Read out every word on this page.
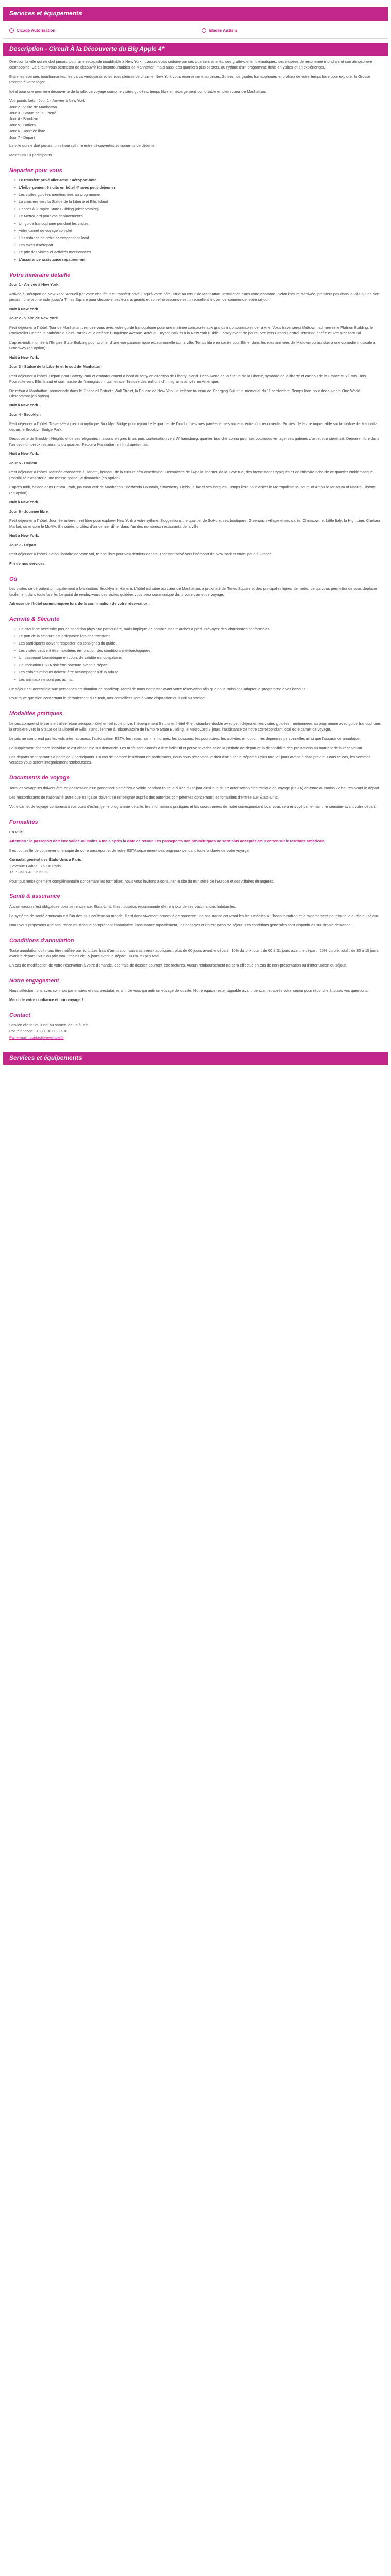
Services et équipements
Cicadé Autorisation	Idades Autism
Description - Circuit À la Découverte du Big Apple 4*

Direction la ville qui ne dort jamais, pour une escapade inoubliable à New York ! Laissez-vous séduire par ses quartiers animés, ses gratte-ciel emblématiques, ses musées de renommée mondiale et son atmosphère cosmopolite. Ce circuit vous permettra de découvrir les incontournables de Manhattan, mais aussi des quartiers plus secrets, au rythme d'un programme riche en visites et en expériences.

Entre les avenues bouillonnantes, les parcs verdoyants et les rues pleines de charme, New York vous réserve mille surprises. Suivez nos guides francophones et profitez de votre temps libre pour explorer la Grosse Pomme à votre façon.

Idéal pour une première découverte de la ville, ce voyage combine visites guidées, temps libre et hébergement confortable en plein cœur de Manhattan.

Vos points forts : Jour 1 - Arrivée à New York

Jour 2 - Visite de Manhattan

Jour 3 - Statue de la Liberté

Jour 4 - Brooklyn

Jour 5 - Harlem

Jour 6 - Journée libre

Jour 7 - Départ

La ville qui ne dort jamais, un séjour rythmé entre découvertes et moments de détente.

Maximum : 8 participants

Népartez pour vous
• Le transfert privé aller-retour aéroport-hôtel
• L'hébergement 6 nuits en hôtel 4* avec petit-déjeuner
• Les visites guidées mentionnées au programme
• La croisière vers la Statue de la Liberté et Ellis Island
• L'accès à l'Empire State Building (observatoire)
• Le MetroCard pour vos déplacements
• Un guide francophone pendant les visites
• Votre carnet de voyage complet
• L'assistance de notre correspondant local
• Les taxes d'aéroport
• Le prix des visites et activités mentionnées
• L'assurance assistance rapatriement
Votre itinéraire détaillé

Jour 1 - Arrivée à New York

Arrivée à l'aéroport de New York. Accueil par votre chauffeur et transfert privé jusqu'à votre hôtel situé au cœur de Manhattan. Installation dans votre chambre. Selon l'heure d'arrivée, premiers pas dans la ville qui ne dort jamais : une promenade jusqu'à Times Square pour découvrir ses écrans géants et son effervescence est un excellent moyen de commencer votre séjour.

Nuit à New York.

Jour 2 - Visite de New York

Petit déjeuner à l'hôtel. Tour de Manhattan : rendez-vous avec votre guide francophone pour une matinée consacrée aux grands incontournables de la ville. Vous traverserez Midtown, admirerez le Flatiron Building, le Rockefeller Center, la cathédrale Saint-Patrick et la célèbre Cinquième Avenue. Arrêt au Bryant Park et à la New York Public Library avant de poursuivre vers Grand Central Terminal, chef-d'œuvre architectural.

L'après-midi, montée à l'Empire State Building pour profiter d'une vue panoramique exceptionnelle sur la ville. Temps libre en soirée pour flâner dans les rues animées de Midtown ou assister à une comédie musicale à Broadway (en option).

Nuit à New York.

Jour 3 - Statue de la Liberté et le sud de Manhattan

Petit déjeuner à l'hôtel. Départ pour Battery Park et embarquement à bord du ferry en direction de Liberty Island. Découverte de la Statue de la Liberté, symbole de la liberté et cadeau de la France aux États-Unis. Poursuite vers Ellis Island et son musée de l'immigration, qui retrace l'histoire des millions d'immigrants arrivés en Amérique.

De retour à Manhattan, promenade dans le Financial District : Wall Street, la Bourse de New York, le célèbre taureau de Charging Bull et le mémorial du 11 septembre. Temps libre pour découvrir le One World Observatory (en option).

Nuit à New York.

Jour 4 - Brooklyn

Petit déjeuner à l'hôtel. Traversée à pied du mythique Brooklyn Bridge pour rejoindre le quartier de Dumbo, ses rues pavées et ses anciens entrepôts reconvertis. Profitez de la vue imprenable sur la skyline de Manhattan depuis le Brooklyn Bridge Park.

Découverte de Brooklyn Heights et de ses élégantes maisons en grès brun, puis continuation vers Williamsburg, quartier branché connu pour ses boutiques vintage, ses galeries d'art et son street art. Déjeuner libre dans l'un des nombreux restaurants du quartier. Retour à Manhattan en fin d'après-midi.

Nuit à New York.

Jour 5 - Harlem

Petit déjeuner à l'hôtel. Matinée consacrée à Harlem, berceau de la culture afro-américaine. Découverte de l'Apollo Theater, de la 125e rue, des brownstones typiques et de l'histoire riche de ce quartier emblématique. Possibilité d'assister à une messe gospel le dimanche (en option).

L'après-midi, balade dans Central Park, poumon vert de Manhattan : Bethesda Fountain, Strawberry Fields, le lac et ses barques. Temps libre pour visiter le Metropolitan Museum of Art ou le Museum of Natural History (en option).

Nuit à New York.

Jour 6 - Journée libre

Petit déjeuner à l'hôtel. Journée entièrement libre pour explorer New York à votre rythme. Suggestions : le quartier de SoHo et ses boutiques, Greenwich Village et ses cafés, Chinatown et Little Italy, la High Line, Chelsea Market, ou encore le MoMA. En soirée, profitez d'un dernier dîner dans l'un des nombreux restaurants de la ville.

Nuit à New York.

Jour 7 - Départ

Petit déjeuner à l'hôtel. Selon l'horaire de votre vol, temps libre pour vos derniers achats. Transfert privé vers l'aéroport de New York et envol pour la France.

Fin de nos services.

Où

Les visites se déroulent principalement à Manhattan, Brooklyn et Harlem. L'hôtel est situé au cœur de Manhattan, à proximité de Times Square et des principales lignes de métro, ce qui vous permettra de vous déplacer facilement dans toute la ville. Le point de rendez-vous des visites guidées vous sera communiqué dans votre carnet de voyage.

Adresse de l'hôtel communiquée lors de la confirmation de votre réservation.

Activité & Sécurité
• Ce circuit ne nécessite pas de condition physique particulière, mais implique de nombreuses marches à pied. Prévoyez des chaussures confortables.
• Le port de la ceinture est obligatoire lors des transferts.
• Les participants doivent respecter les consignes du guide.
• Les visites peuvent être modifiées en fonction des conditions météorologiques.
• Un passeport biométrique en cours de validité est obligatoire.
• L'autorisation ESTA doit être obtenue avant le départ.
• Les enfants mineurs doivent être accompagnés d'un adulte.
• Les animaux ne sont pas admis.

Ce séjour est accessible aux personnes en situation de handicap. Merci de nous contacter avant votre réservation afin que nous puissions adapter le programme à vos besoins.

Pour toute question concernant le déroulement du circuit, nos conseillers sont à votre disposition du lundi au samedi.

Modalités pratiques

Le prix comprend le transfert aller-retour aéroport-hôtel en véhicule privé, l'hébergement 6 nuits en hôtel 4* en chambre double avec petit-déjeuner, les visites guidées mentionnées au programme avec guide francophone, la croisière vers la Statue de la Liberté et Ellis Island, l'entrée à l'observatoire de l'Empire State Building, le MetroCard 7 jours, l'assistance de notre correspondant local et le carnet de voyage.

Le prix ne comprend pas les vols internationaux, l'autorisation ESTA, les repas non mentionnés, les boissons, les pourboires, les activités en option, les dépenses personnelles ainsi que l'assurance annulation.

Le supplément chambre individuelle est disponible sur demande. Les tarifs sont donnés à titre indicatif et peuvent varier selon la période de départ et la disponibilité des prestations au moment de la réservation.

Les départs sont garantis à partir de 2 participants. En cas de nombre insuffisant de participants, nous nous réservons le droit d'annuler le départ au plus tard 21 jours avant la date prévue. Dans ce cas, les sommes versées vous seront intégralement remboursées.

Documents de voyage

Tous les voyageurs doivent être en possession d'un passeport biométrique valide pendant toute la durée du séjour ainsi que d'une autorisation électronique de voyage (ESTA) obtenue au moins 72 heures avant le départ.

Les ressortissants de nationalité autre que française doivent se renseigner auprès des autorités compétentes concernant les formalités d'entrée aux États-Unis.

Votre carnet de voyage comprenant vos bons d'échange, le programme détaillé, les informations pratiques et les coordonnées de notre correspondant local vous sera envoyé par e-mail une semaine avant votre départ.

Formalités

En ville

Attention : le passeport doit être valide au moins 6 mois après la date de retour. Les passeports non biométriques ne sont plus acceptés pour entrer sur le territoire américain.

Il est conseillé de conserver une copie de votre passeport et de votre ESTA séparément des originaux pendant toute la durée de votre voyage.

Consulat général des États-Unis à Paris

2 avenue Gabriel, 75008 Paris

Tél : +33 1 43 12 22 22

Pour tout renseignement complémentaire concernant les formalités, nous vous invitons à consulter le site du ministère de l'Europe et des Affaires étrangères.

Santé & assurance

Aucun vaccin n'est obligatoire pour se rendre aux États-Unis. Il est toutefois recommandé d'être à jour de ses vaccinations habituelles.

Le système de santé américain est l'un des plus coûteux au monde. Il est donc vivement conseillé de souscrire une assurance couvrant les frais médicaux, l'hospitalisation et le rapatriement pour toute la durée du séjour.

Nous vous proposons une assurance multirisque comprenant l'annulation, l'assistance rapatriement, les bagages et l'interruption de séjour. Les conditions générales sont disponibles sur simple demande.

Conditions d'annulation

Toute annulation doit nous être notifiée par écrit. Les frais d'annulation suivants seront appliqués : plus de 60 jours avant le départ : 10% du prix total ; de 60 à 31 jours avant le départ : 25% du prix total ; de 30 à 15 jours avant le départ : 50% du prix total ; moins de 15 jours avant le départ : 100% du prix total.

En cas de modification de votre réservation à votre demande, des frais de dossier pourront être facturés. Aucun remboursement ne sera effectué en cas de non-présentation ou d'interruption du séjour.

Notre engagement

Nous sélectionnons avec soin nos partenaires et nos prestataires afin de vous garantir un voyage de qualité. Notre équipe reste joignable avant, pendant et après votre séjour pour répondre à toutes vos questions.

Merci de votre confiance et bon voyage !

Contact

Service client : du lundi au samedi de 9h à 19h

Par téléphone : +33 1 00 00 00 00

Par e-mail : contact@exemple.fr

Services et équipements
